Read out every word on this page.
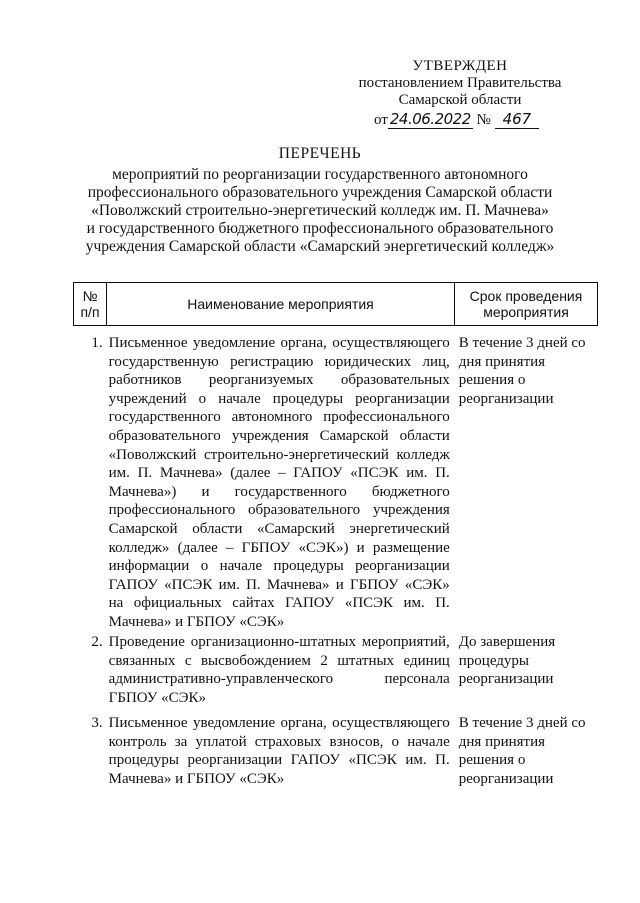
УТВЕРЖДЕН
постановлением Правительства
Самарской области
от 24.06.2022 № 467
ПЕРЕЧЕНЬ
мероприятий по реорганизации государственного автономного
профессионального образовательного учреждения Самарской области
«Поволжский строительно-энергетический колледж им. П. Мачнева»
и государственного бюджетного профессионального образовательного
учреждения Самарской области «Самарский энергетический колледж»
№ п/п	Наименование мероприятия	Срок проведения мероприятия

1.	Письменное уведомление органа, осуществляющего государственную регистрацию юридических лиц, работников реорганизуемых образовательных учреждений о начале процедуры реорганизации государственного автономного профессионального образовательного учреждения Самарской области «Поволжский строительно-энергетический колледж им. П. Мачнева» (далее – ГАПОУ «ПСЭК им. П. Мачнева») и государственного бюджетного профессионального образовательного учреждения Самарской области «Самарский энергетический колледж» (далее – ГБПОУ «СЭК») и размещение информации о начале процедуры реорганизации ГАПОУ «ПСЭК им. П. Мачнева» и ГБПОУ «СЭК» на официальных сайтах ГАПОУ «ПСЭК им. П. Мачнева» и ГБПОУ «СЭК»	В течение 3 дней со дня принятия решения о реорганизации
2.	Проведение организационно-штатных мероприятий, связанных с высвобождением 2 штатных единиц административно-управленческого персонала ГБПОУ «СЭК»	До завершения процедуры реорганизации
3.	Письменное уведомление органа, осуществляющего контроль за уплатой страховых взносов, о начале процедуры реорганизации ГАПОУ «ПСЭК им. П. Мачнева» и ГБПОУ «СЭК»	В течение 3 дней со дня принятия решения о реорганизации
